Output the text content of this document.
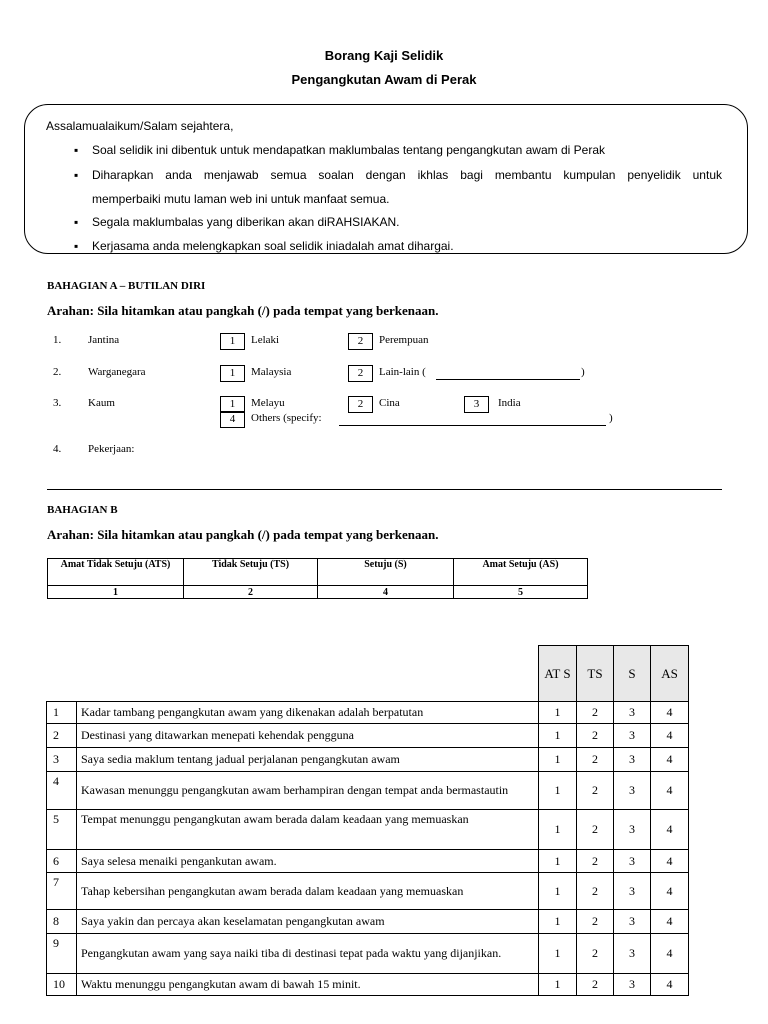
Borang Kaji Selidik
Pengangkutan Awam di Perak
Assalamualaikum/Salam sejahtera,
▪ Soal selidik ini dibentuk untuk mendapatkan maklumbalas tentang pengangkutan awam di Perak
▪ Diharapkan anda menjawab semua soalan dengan ikhlas bagi membantu kumpulan penyelidik untuk
memperbaiki mutu laman web ini untuk manfaat semua.
▪ Segala maklumbalas yang diberikan akan diRAHSIAKAN.
▪ Kerjasama anda melengkapkan soal selidik iniadalah amat dihargai.
BAHAGIAN A – BUTILAN DIRI
Arahan: Sila hitamkan atau pangkah (/) pada tempat yang berkenaan.
1. Jantina	1	Lelaki	2	Perempuan
2. Warganegara	1	Malaysia	2	Lain-lain (	)
3. Kaum	1	Melayu	2	Cina	3	India
4	Others (specify:	)
4. Pekerjaan:
BAHAGIAN B
Arahan: Sila hitamkan atau pangkah (/) pada tempat yang berkenaan.
Amat Tidak Setuju (ATS)	Tidak Setuju (TS)	Setuju (S)	Amat Setuju (AS)
1	2	4	5
		AT S	TS	S	AS
1	Kadar tambang pengangkutan awam yang dikenakan adalah berpatutan	1	2	3	4
2	Destinasi yang ditawarkan menepati kehendak pengguna	1	2	3	4
3	Saya sedia maklum tentang jadual perjalanan pengangkutan awam	1	2	3	4
4	Kawasan menunggu pengangkutan awam berhampiran dengan tempat anda bermastautin	1	2	3	4
5	Tempat menunggu pengangkutan awam berada dalam keadaan yang memuaskan	1	2	3	4
6	Saya selesa menaiki pengankutan awam.	1	2	3	4
7	Tahap kebersihan pengangkutan awam berada dalam keadaan yang memuaskan	1	2	3	4
8	Saya yakin dan percaya akan keselamatan pengangkutan awam	1	2	3	4
9	Pengangkutan awam yang saya naiki tiba di destinasi tepat pada waktu yang dijanjikan.	1	2	3	4
10	Waktu menunggu pengangkutan awam di bawah 15 minit.	1	2	3	4
